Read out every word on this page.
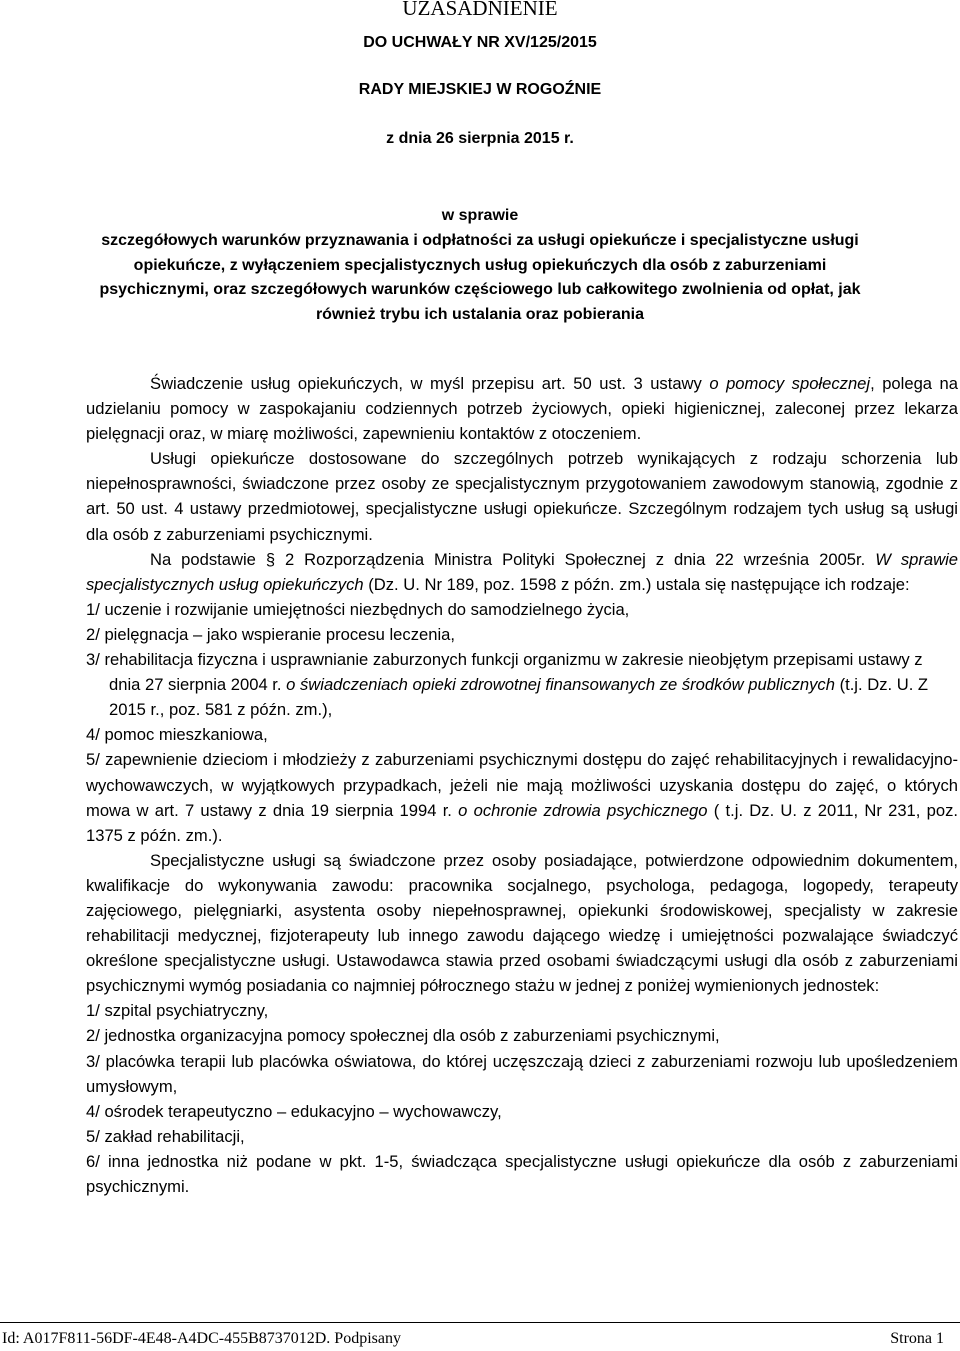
UZASADNIENIE
DO UCHWAŁY NR XV/125/2015
RADY MIEJSKIEJ W ROGOŹNIE
z dnia 26 sierpnia 2015 r.
w sprawie
szczegółowych warunków przyznawania i odpłatności za usługi opiekuńcze i specjalistyczne usługi opiekuńcze, z wyłączeniem specjalistycznych usług opiekuńczych dla osób z zaburzeniami psychicznymi, oraz szczegółowych warunków częściowego lub całkowitego zwolnienia od opłat, jak również trybu ich ustalania oraz pobierania

Świadczenie usług opiekuńczych, w myśl przepisu art. 50 ust. 3 ustawy o pomocy społecznej, polega na udzielaniu pomocy w zaspokajaniu codziennych potrzeb życiowych, opieki higienicznej, zaleconej przez lekarza pielęgnacji oraz, w miarę możliwości, zapewnieniu kontaktów z otoczeniem.

Usługi opiekuńcze dostosowane do szczególnych potrzeb wynikających z rodzaju schorzenia lub niepełnosprawności, świadczone przez osoby ze specjalistycznym przygotowaniem zawodowym stanowią, zgodnie z art. 50 ust. 4 ustawy przedmiotowej, specjalistyczne usługi opiekuńcze. Szczególnym rodzajem tych usług są usługi dla osób z zaburzeniami psychicznymi.

Na podstawie § 2 Rozporządzenia Ministra Polityki Społecznej z dnia 22 września 2005r. W sprawie specjalistycznych usług opiekuńczych (Dz. U. Nr 189, poz. 1598 z późn. zm.) ustala się następujące ich rodzaje:

1/ uczenie i rozwijanie umiejętności niezbędnych do samodzielnego życia,

2/ pielęgnacja – jako wspieranie procesu leczenia,

3/ rehabilitacja fizyczna i usprawnianie zaburzonych funkcji organizmu w zakresie nieobjętym przepisami ustawy z dnia 27 sierpnia 2004 r. o świadczeniach opieki zdrowotnej finansowanych ze środków publicznych (t.j. Dz. U. Z 2015 r., poz. 581 z późn. zm.),

4/ pomoc mieszkaniowa,

5/ zapewnienie dzieciom i młodzieży z zaburzeniami psychicznymi dostępu do zajęć rehabilitacyjnych i rewalidacyjno-wychowawczych, w wyjątkowych przypadkach, jeżeli nie mają możliwości uzyskania dostępu do zajęć, o których mowa w art. 7 ustawy z dnia 19 sierpnia 1994 r. o ochronie zdrowia psychicznego ( t.j. Dz. U. z 2011, Nr 231, poz. 1375 z późn. zm.).

Specjalistyczne usługi są świadczone przez osoby posiadające, potwierdzone odpowiednim dokumentem, kwalifikacje do wykonywania zawodu: pracownika socjalnego, psychologa, pedagoga, logopedy, terapeuty zajęciowego, pielęgniarki, asystenta osoby niepełnosprawnej, opiekunki środowiskowej, specjalisty w zakresie rehabilitacji medycznej, fizjoterapeuty lub innego zawodu dającego wiedzę i umiejętności pozwalające świadczyć określone specjalistyczne usługi. Ustawodawca stawia przed osobami świadczącymi usługi dla osób z zaburzeniami psychicznymi wymóg posiadania co najmniej półrocznego stażu w jednej z poniżej wymienionych jednostek:

1/ szpital psychiatryczny,

2/ jednostka organizacyjna pomocy społecznej dla osób z zaburzeniami psychicznymi,

3/ placówka terapii lub placówka oświatowa, do której uczęszczają dzieci z zaburzeniami rozwoju lub upośledzeniem umysłowym,

4/ ośrodek terapeutyczno – edukacyjno – wychowawczy,

5/ zakład rehabilitacji,

6/ inna jednostka niż podane w pkt. 1-5, świadcząca specjalistyczne usługi opiekuńcze dla osób z zaburzeniami psychicznymi.

Id: A017F811-56DF-4E48-A4DC-455B8737012D. Podpisany	Strona 1
